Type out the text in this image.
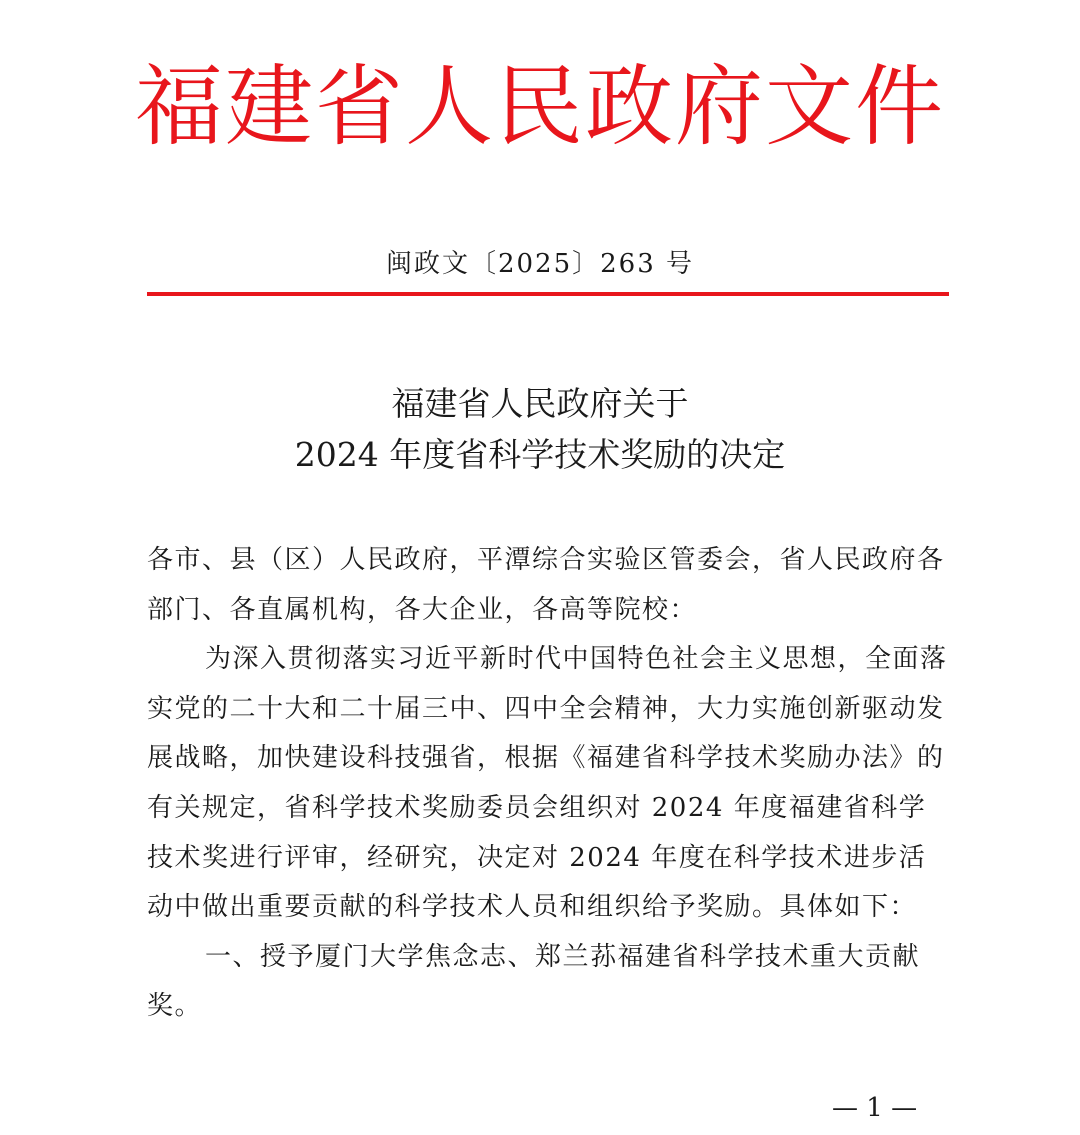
福建省人民政府文件
闽政文〔2025〕263 号
福建省人民政府关于
2024 年度省科学技术奖励的决定

各市、县（区）人民政府，平潭综合实验区管委会，省人民政府各部门、各直属机构，各大企业，各高等院校：

为深入贯彻落实习近平新时代中国特色社会主义思想，全面落实党的二十大和二十届三中、四中全会精神，大力实施创新驱动发展战略，加快建设科技强省，根据《福建省科学技术奖励办法》的有关规定，省科学技术奖励委员会组织对 2024 年度福建省科学技术奖进行评审，经研究，决定对 2024 年度在科学技术进步活动中做出重要贡献的科学技术人员和组织给予奖励。具体如下：

一、授予厦门大学焦念志、郑兰荪福建省科学技术重大贡献奖。

— 1 —
